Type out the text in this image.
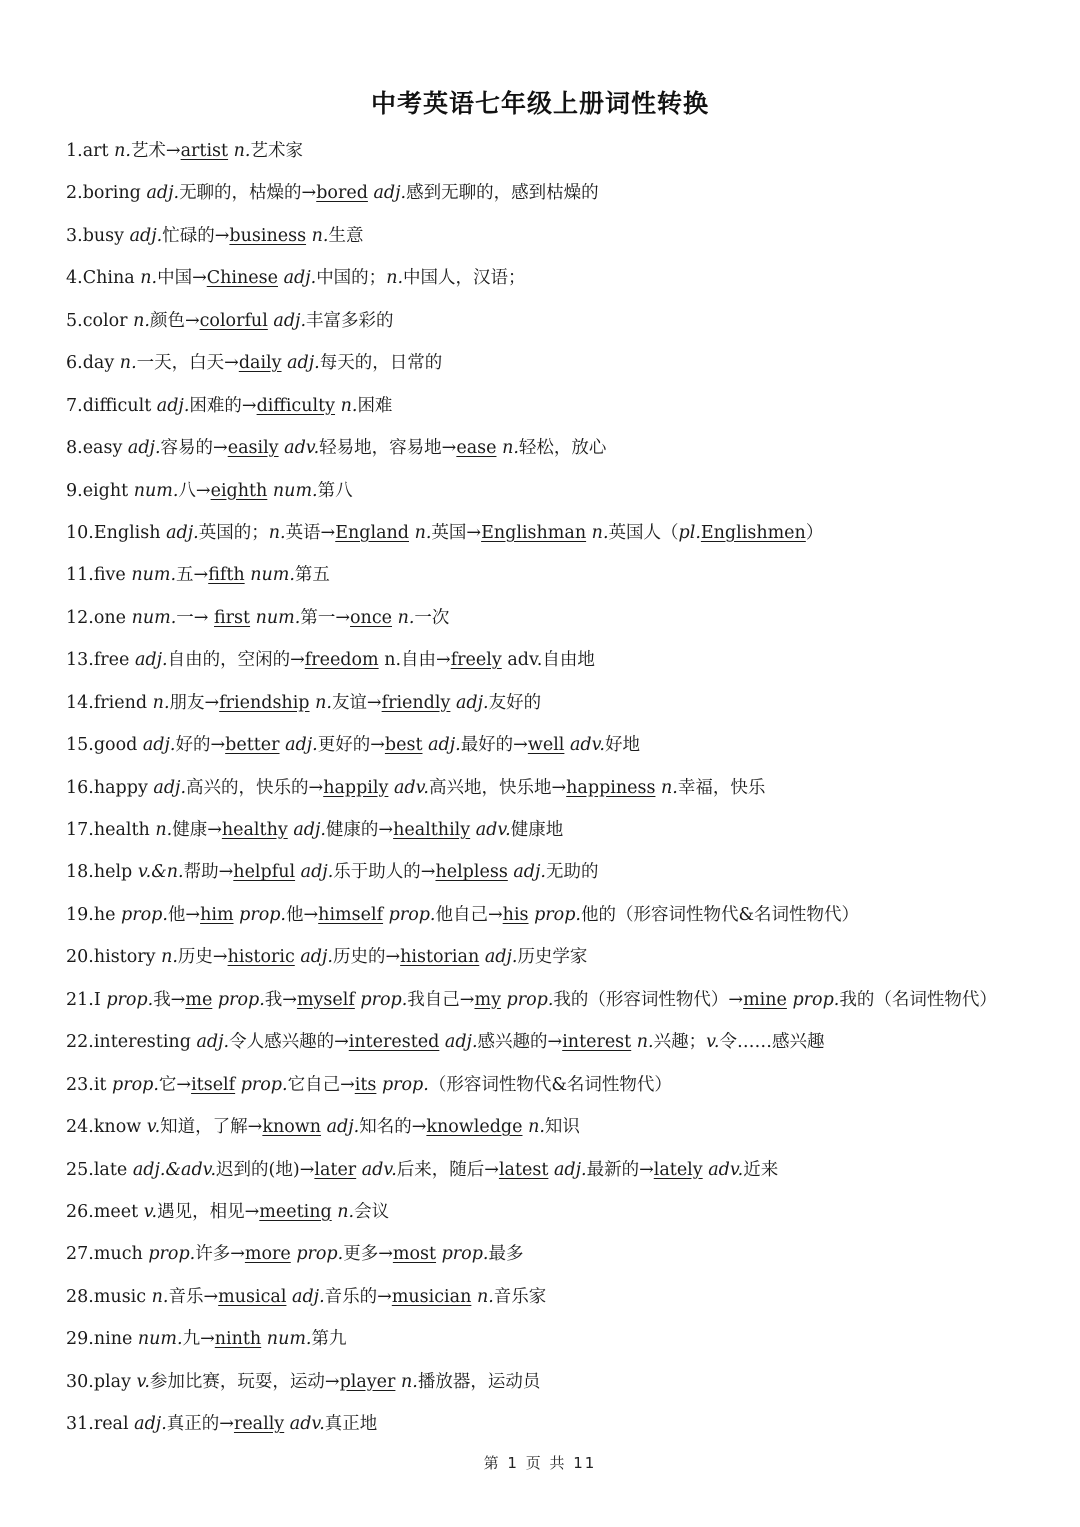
中考英语七年级上册词性转换
1.art n.艺术→artist n.艺术家
2.boring adj.无聊的，枯燥的→bored adj.感到无聊的，感到枯燥的
3.busy adj.忙碌的→business n.生意
4.China n.中国→Chinese adj.中国的；n.中国人，汉语；
5.color n.颜色→colorful adj.丰富多彩的
6.day n.一天，白天→daily adj.每天的，日常的
7.difficult adj.困难的→difficulty n.困难
8.easy adj.容易的→easily adv.轻易地，容易地→ease n.轻松，放心
9.eight num.八→eighth num.第八
10.English adj.英国的；n.英语→England n.英国→Englishman n.英国人（pl.Englishmen）
11.five num.五→fifth num.第五
12.one num.一→ first num.第一→once n.一次
13.free adj.自由的，空闲的→freedom n.自由→freely adv.自由地
14.friend n.朋友→friendship n.友谊→friendly adj.友好的
15.good adj.好的→better adj.更好的→best adj.最好的→well adv.好地
16.happy adj.高兴的，快乐的→happily adv.高兴地，快乐地→happiness n.幸福，快乐
17.health n.健康→healthy adj.健康的→healthily adv.健康地
18.help v.&n.帮助→helpful adj.乐于助人的→helpless adj.无助的
19.he prop.他→him prop.他→himself prop.他自己→his prop.他的（形容词性物代&名词性物代）
20.history n.历史→historic adj.历史的→historian adj.历史学家
21.I prop.我→me prop.我→myself prop.我自己→my prop.我的（形容词性物代）→mine prop.我的（名词性物代）
22.interesting adj.令人感兴趣的→interested adj.感兴趣的→interest n.兴趣；v.令……感兴趣
23.it prop.它→itself prop.它自己→its prop.（形容词性物代&名词性物代）
24.know v.知道，了解→known adj.知名的→knowledge n.知识
25.late adj.&adv.迟到的(地)→later adv.后来，随后→latest adj.最新的→lately adv.近来
26.meet v.遇见，相见→meeting n.会议
27.much prop.许多→more prop.更多→most prop.最多
28.music n.音乐→musical adj.音乐的→musician n.音乐家
29.nine num.九→ninth num.第九
30.play v.参加比赛，玩耍，运动→player n.播放器，运动员
31.real adj.真正的→really adv.真正地
第 1 页 共 11
